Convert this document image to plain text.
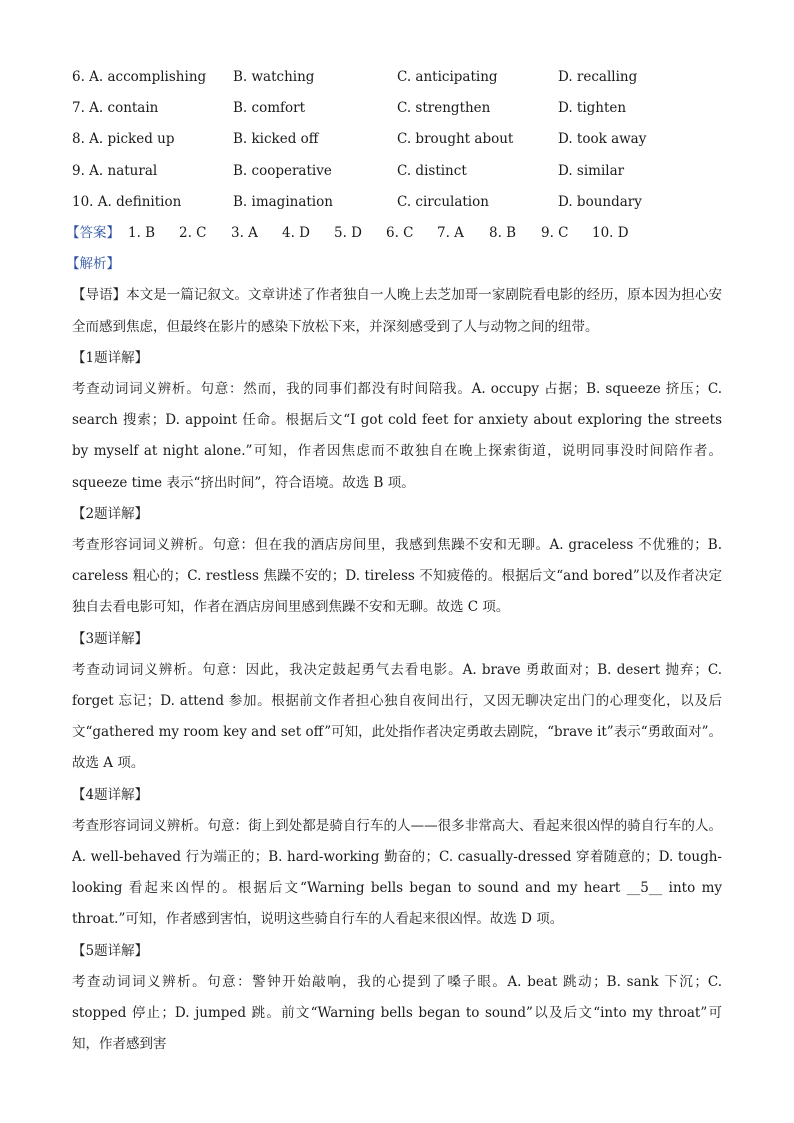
6. A. accomplishing B. watching	C. anticipating	D. recalling
7. A. contain	B. comfort	C. strengthen	D. tighten
8. A. picked up	B. kicked off	C. brought about	D. took away
9. A. natural	B. cooperative	C. distinct	D. similar
10. A. definition	B. imagination	C. circulation	D. boundary
【答案】 1. B 2. C 3. A 4. D 5. D 6. C 7. A 8. B 9. C 10. D
【解析】

【导语】本文是一篇记叙文。文章讲述了作者独自一人晚上去芝加哥一家剧院看电影的经历，原本因为担心安全而感到焦虑，但最终在影片的感染下放松下来，并深刻感受到了人与动物之间的纽带。

【1题详解】

考查动词词义辨析。句意：然而，我的同事们都没有时间陪我。A. occupy 占据；B. squeeze 挤压；C. search 搜索；D. appoint 任命。根据后文“I got cold feet for anxiety about exploring the streets by myself at night alone.”可知，作者因焦虑而不敢独自在晚上探索街道，说明同事没时间陪作者。squeeze time 表示“挤出时间”，符合语境。故选 B 项。

【2题详解】

考查形容词词义辨析。句意：但在我的酒店房间里，我感到焦躁不安和无聊。A. graceless 不优雅的；B. careless 粗心的；C. restless 焦躁不安的；D. tireless 不知疲倦的。根据后文“and bored”以及作者决定独自去看电影可知，作者在酒店房间里感到焦躁不安和无聊。故选 C 项。

【3题详解】

考查动词词义辨析。句意：因此，我决定鼓起勇气去看电影。A. brave 勇敢面对；B. desert 抛弃；C. forget 忘记；D. attend 参加。根据前文作者担心独自夜间出行，又因无聊决定出门的心理变化，以及后文“gathered my room key and set off”可知，此处指作者决定勇敢去剧院，“brave it”表示“勇敢面对”。故选 A 项。

【4题详解】

考查形容词词义辨析。句意：街上到处都是骑自行车的人——很多非常高大、看起来很凶悍的骑自行车的人。A. well-behaved 行为端正的；B. hard-working 勤奋的；C. casually-dressed 穿着随意的；D. tough-looking 看起来凶悍的。根据后文“Warning bells began to sound and my heart __5__ into my throat.”可知，作者感到害怕，说明这些骑自行车的人看起来很凶悍。故选 D 项。

【5题详解】

考查动词词义辨析。句意：警钟开始敲响，我的心提到了嗓子眼。A. beat 跳动；B. sank 下沉；C. stopped 停止；D. jumped 跳。前文“Warning bells began to sound”以及后文“into my throat”可知，作者感到害
